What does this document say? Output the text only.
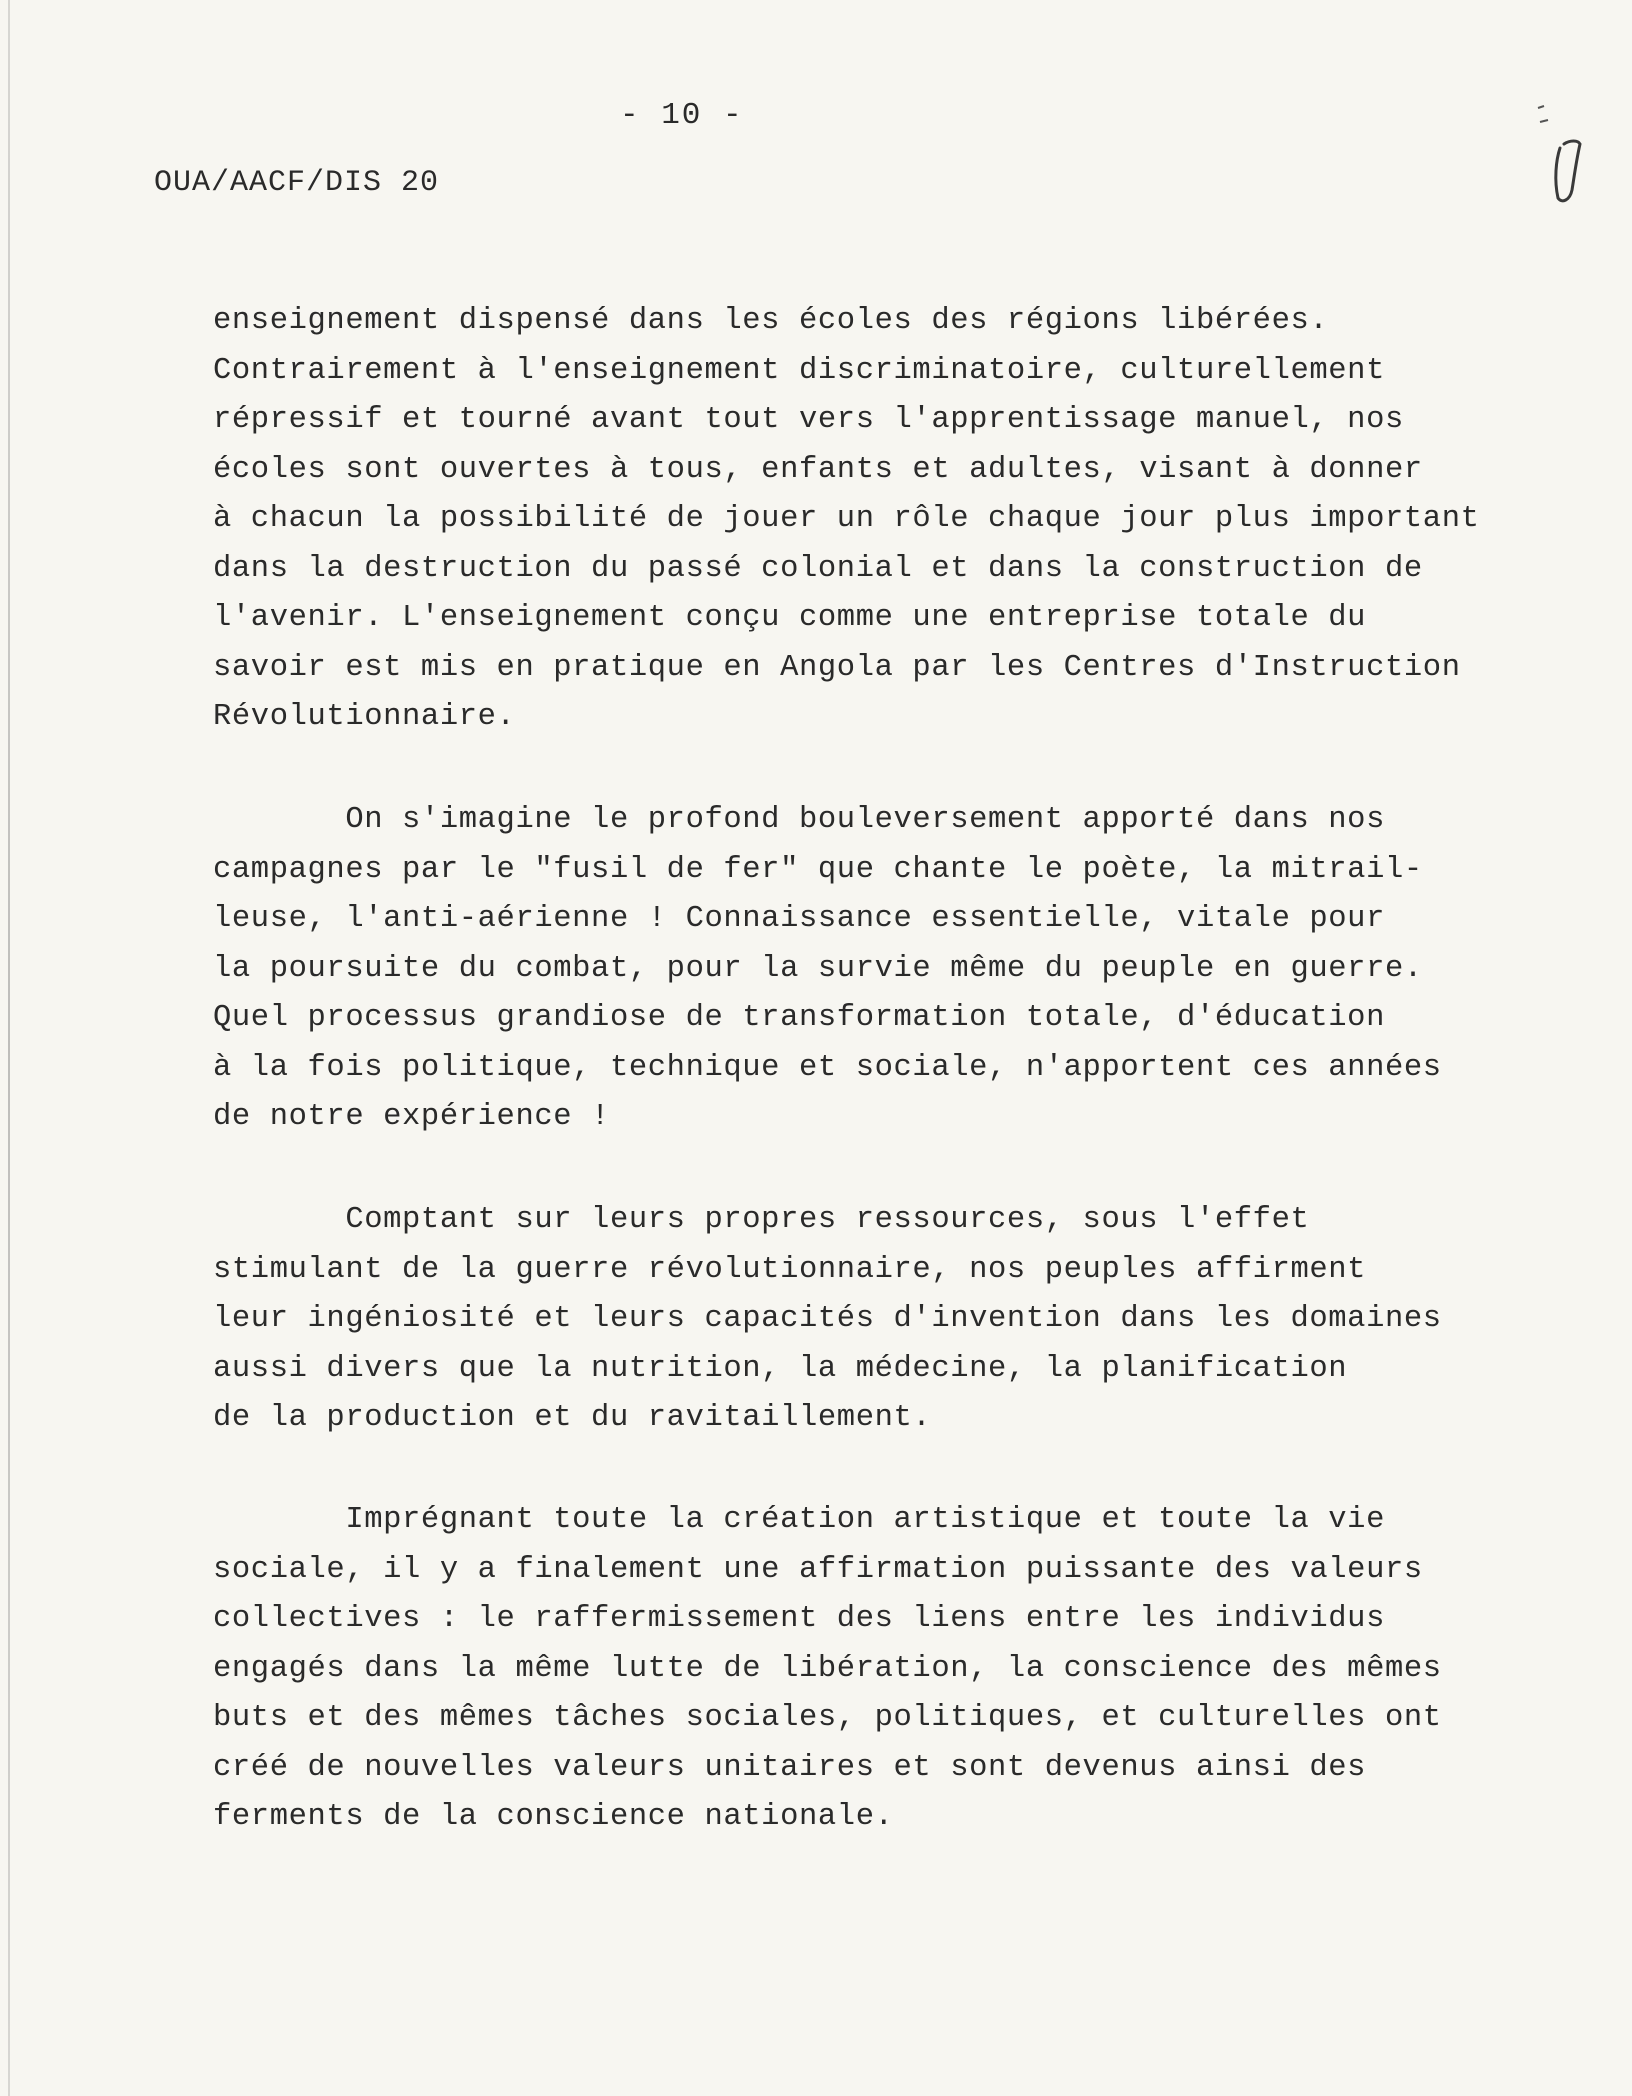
- 10 -
OUA/AACF/DIS 20
enseignement dispensé dans les écoles des régions libérées.
Contrairement à l'enseignement discriminatoire, culturellement
répressif et tourné avant tout vers l'apprentissage manuel, nos
écoles sont ouvertes à tous, enfants et adultes, visant à donner
à chacun la possibilité de jouer un rôle chaque jour plus important
dans la destruction du passé colonial et dans la construction de
l'avenir. L'enseignement conçu comme une entreprise totale du
savoir est mis en pratique en Angola par les Centres d'Instruction
Révolutionnaire.
On s'imagine le profond bouleversement apporté dans nos
campagnes par le "fusil de fer" que chante le poète, la mitrail-
leuse, l'anti-aérienne ! Connaissance essentielle, vitale pour
la poursuite du combat, pour la survie même du peuple en guerre.
Quel processus grandiose de transformation totale, d'éducation
à la fois politique, technique et sociale, n'apportent ces années
de notre expérience !
Comptant sur leurs propres ressources, sous l'effet
stimulant de la guerre révolutionnaire, nos peuples affirment
leur ingéniosité et leurs capacités d'invention dans les domaines
aussi divers que la nutrition, la médecine, la planification
de la production et du ravitaillement.
Imprégnant toute la création artistique et toute la vie
sociale, il y a finalement une affirmation puissante des valeurs
collectives : le raffermissement des liens entre les individus
engagés dans la même lutte de libération, la conscience des mêmes
buts et des mêmes tâches sociales, politiques, et culturelles ont
créé de nouvelles valeurs unitaires et sont devenus ainsi des
ferments de la conscience nationale.
